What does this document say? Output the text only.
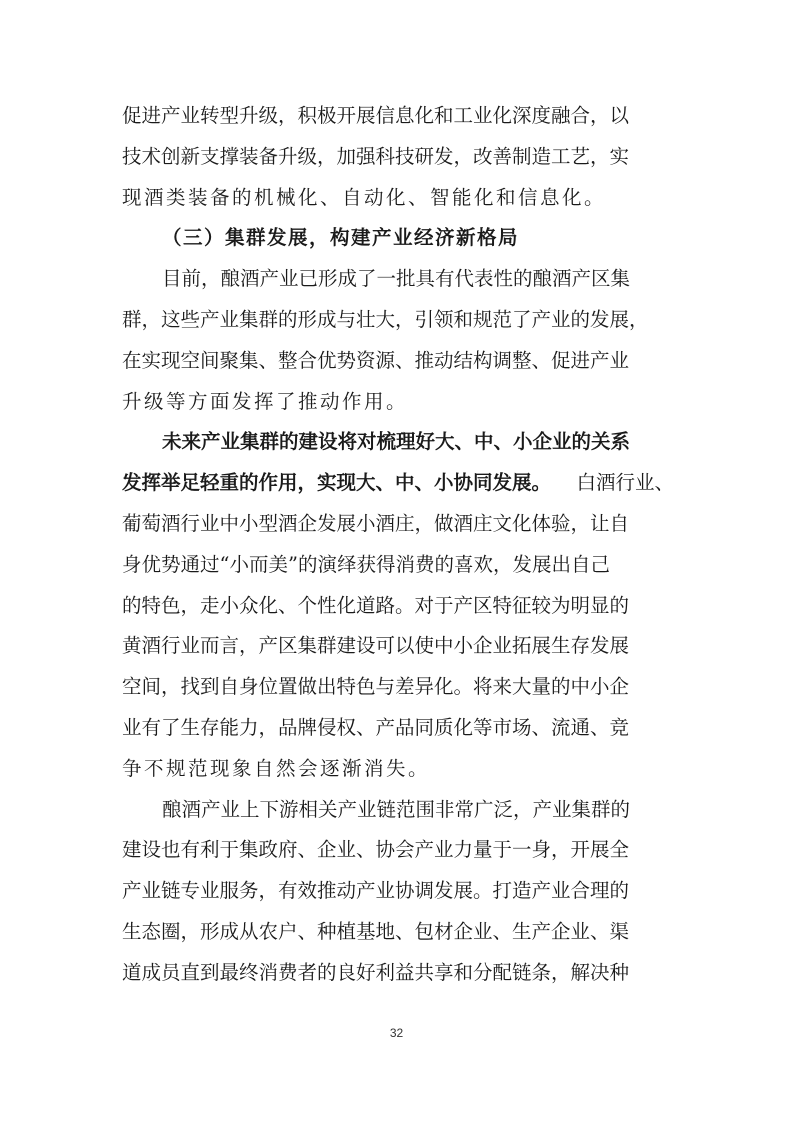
促进产业转型升级，积极开展信息化和工业化深度融合，以
技术创新支撑装备升级，加强科技研发，改善制造工艺，实
现酒类装备的机械化、自动化、智能化和信息化。
（三）集群发展，构建产业经济新格局
目前，酿酒产业已形成了一批具有代表性的酿酒产区集
群，这些产业集群的形成与壮大，引领和规范了产业的发展，
在实现空间聚集、整合优势资源、推动结构调整、促进产业
升级等方面发挥了推动作用。
未来产业集群的建设将对梳理好大、中、小企业的关系
发挥举足轻重的作用，实现大、中、小协同发展。 白酒行业、
葡萄酒行业中小型酒企发展小酒庄，做酒庄文化体验，让自
身优势通过“小而美”的演绎获得消费的喜欢，发展出自己
的特色，走小众化、个性化道路。对于产区特征较为明显的
黄酒行业而言，产区集群建设可以使中小企业拓展生存发展
空间，找到自身位置做出特色与差异化。将来大量的中小企
业有了生存能力，品牌侵权、产品同质化等市场、流通、竞
争不规范现象自然会逐渐消失。
酿酒产业上下游相关产业链范围非常广泛，产业集群的
建设也有利于集政府、企业、协会产业力量于一身，开展全
产业链专业服务，有效推动产业协调发展。打造产业合理的
生态圈，形成从农户、种植基地、包材企业、生产企业、渠
道成员直到最终消费者的良好利益共享和分配链条，解决种
32
